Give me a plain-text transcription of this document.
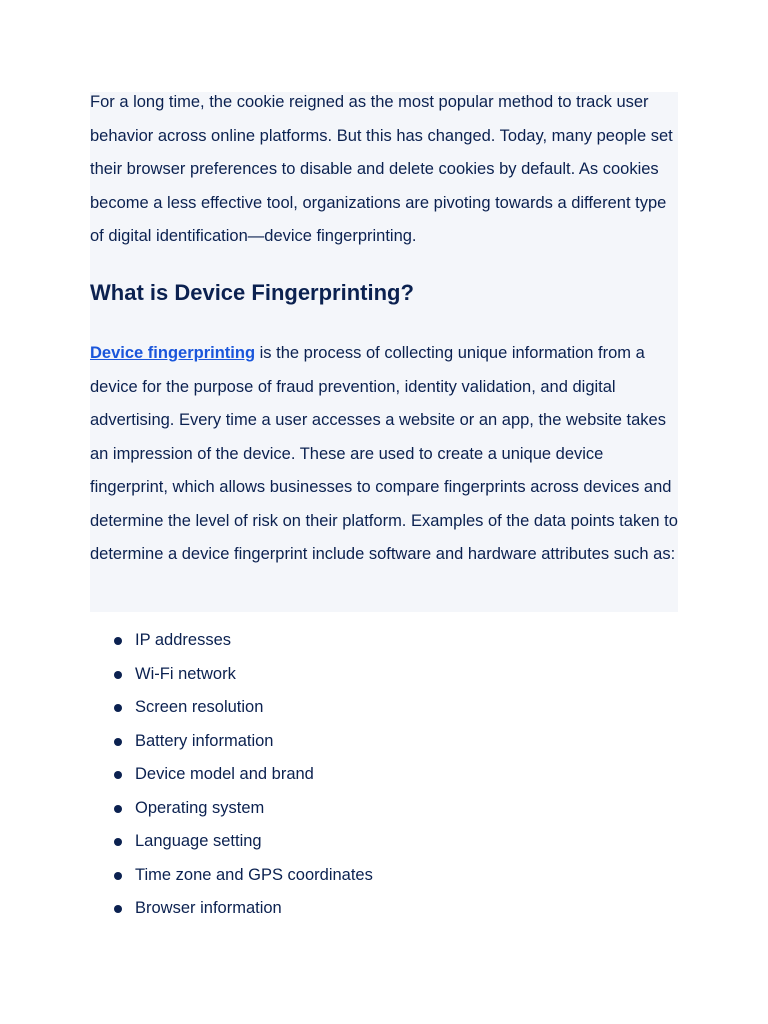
For a long time, the cookie reigned as the most popular method to track user behavior across online platforms. But this has changed. Today, many people set their browser preferences to disable and delete cookies by default. As cookies become a less effective tool, organizations are pivoting towards a different type of digital identification—device fingerprinting.

What is Device Fingerprinting?

Device fingerprinting is the process of collecting unique information from a device for the purpose of fraud prevention, identity validation, and digital advertising. Every time a user accesses a website or an app, the website takes an impression of the device. These are used to create a unique device fingerprint, which allows businesses to compare fingerprints across devices and determine the level of risk on their platform. Examples of the data points taken to determine a device fingerprint include software and hardware attributes such as:

IP addresses
Wi-Fi network
Screen resolution
Battery information
Device model and brand
Operating system
Language setting
Time zone and GPS coordinates
Browser information
